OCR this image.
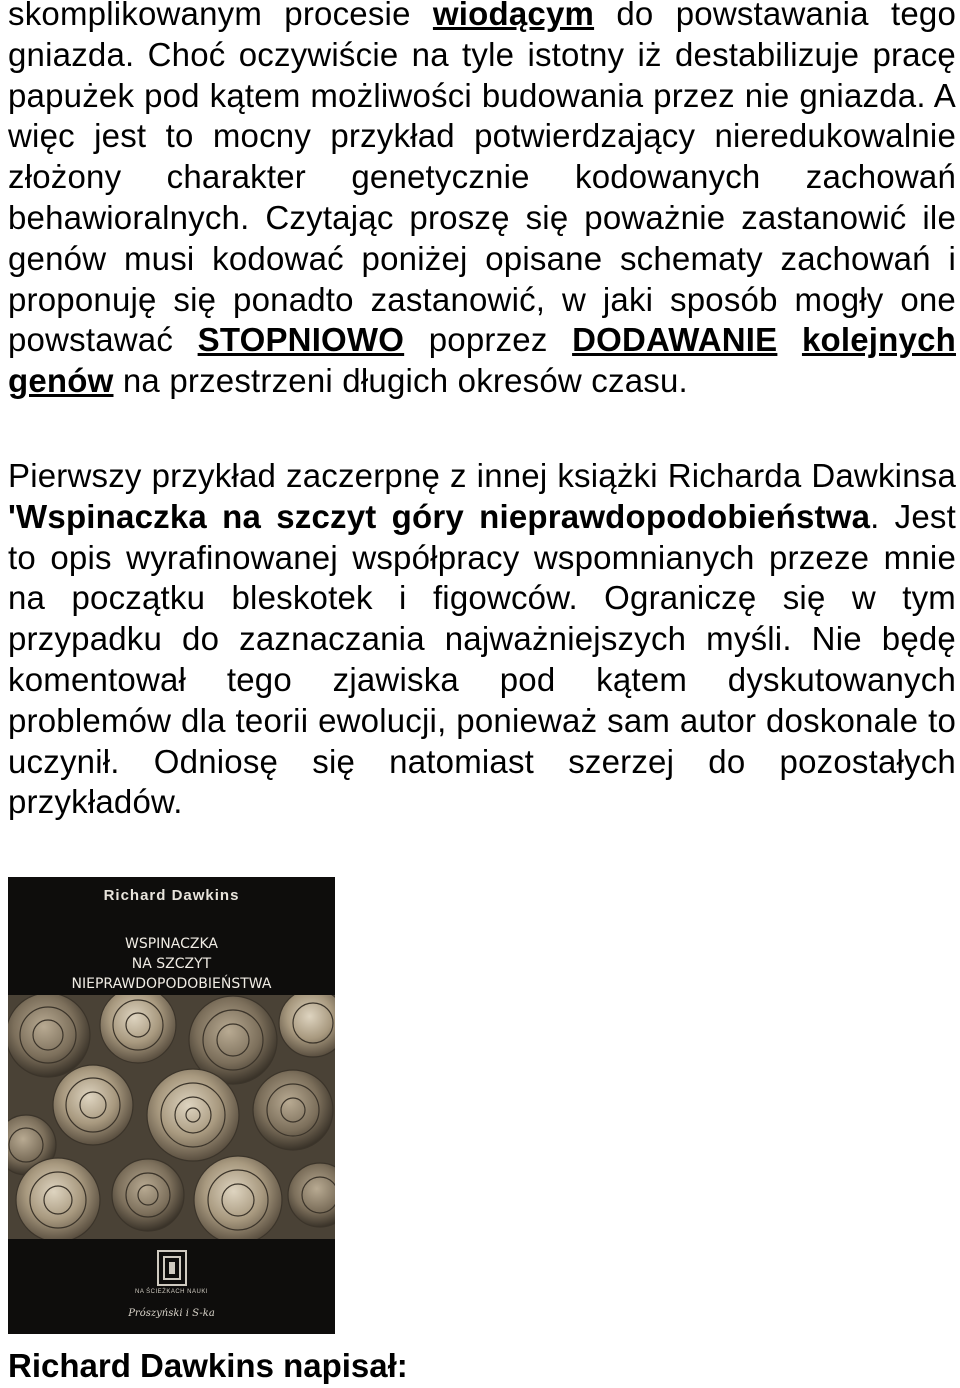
skomplikowanym procesie wiodącym do powstawania tego gniazda. Choć oczywiście na tyle istotny iż destabilizuje pracę papużek pod kątem możliwości budowania przez nie gniazda. A więc jest to mocny przykład potwierdzający nieredukowalnie złożony charakter genetycznie kodowanych zachowań behawioralnych. Czytając proszę się poważnie zastanowić ile genów musi kodować poniżej opisane schematy zachowań i proponuję się ponadto zastanowić, w jaki sposób mogły one powstawać STOPNIOWO poprzez DODAWANIE kolejnych genów na przestrzeni długich okresów czasu.

Pierwszy przykład zaczerpnę z innej książki Richarda Dawkinsa 'Wspinaczka na szczyt góry nieprawdopodobieństwa. Jest to opis wyrafinowanej współpracy wspomnianych przeze mnie na początku bleskotek i figowców. Ograniczę się w tym przypadku do zaznaczania najważniejszych myśli. Nie będę komentował tego zjawiska pod kątem dyskutowanych problemów dla teorii ewolucji, ponieważ sam autor doskonale to uczynił. Odniosę się natomiast szerzej do pozostałych przykładów.

Richard Dawkins
WSPINACZKA
NA SZCZYT
NIEPRAWDOPODOBIEŃSTWA
NA ŚCIEŻKACH NAUKI
Prószyński i S-ka

Richard Dawkins napisał:
